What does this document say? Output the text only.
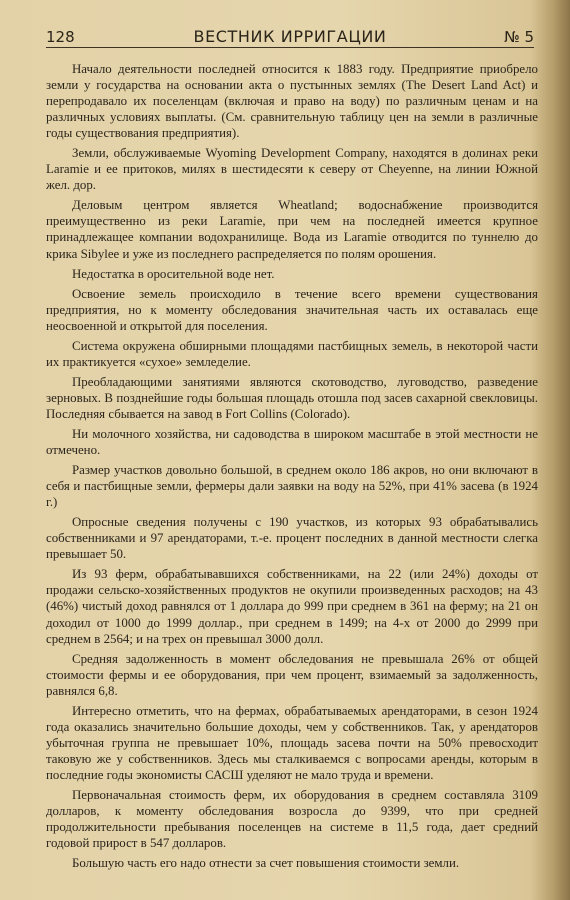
128	ВЕСТНИК ИРРИГАЦИИ	№ 5

Начало деятельности последней относится к 1883 году. Предприятие приобрело земли у государства на основании акта о пустынных землях (The Desert Land Act) и перепродавало их поселенцам (включая и право на воду) по различным ценам и на различных условиях выплаты. (См. сравнительную таблицу цен на земли в различные годы существования предприятия).

Земли, обслуживаемые Wyoming Development Company, находятся в долинах реки Laramie и ее притоков, милях в шестидесяти к северу от Cheyenne, на линии Южной жел. дор.

Деловым центром является Wheatland; водоснабжение производится преимущественно из реки Laramie, при чем на последней имеется крупное принадлежащее компании водохранилище. Вода из Laramie отводится по туннелю до крика Sibylee и уже из последнего распределяется по полям орошения.

Недостатка в оросительной воде нет.

Освоение земель происходило в течение всего времени существования предприятия, но к моменту обследования значительная часть их оставалась еще неосвоенной и открытой для поселения.

Система окружена обширными площадями пастбищных земель, в некоторой части их практикуется «сухое» земледелие.

Преобладающими занятиями являются скотоводство, луговодство, разведение зерновых. В позднейшие годы большая площадь отошла под засев сахарной свекловицы. Последняя сбывается на завод в Fort Collins (Colorado).

Ни молочного хозяйства, ни садоводства в широком масштабе в этой местности не отмечено.

Размер участков довольно большой, в среднем около 186 акров, но они включают в себя и пастбищные земли, фермеры дали заявки на воду на 52%, при 41% засева (в 1924 г.)

Опросные сведения получены с 190 участков, из которых 93 обрабатывались собственниками и 97 арендаторами, т.-е. процент последних в данной местности слегка превышает 50.

Из 93 ферм, обрабатывавшихся собственниками, на 22 (или 24%) доходы от продажи сельско-хозяйственных продуктов не окупили произведенных расходов; на 43 (46%) чистый доход равнялся от 1 доллара до 999 при среднем в 361 на ферму; на 21 он доходил от 1000 до 1999 доллар., при среднем в 1499; на 4-х от 2000 до 2999 при среднем в 2564; и на трех он превышал 3000 долл.

Средняя задолженность в момент обследования не превышала 26% от общей стоимости фермы и ее оборудования, при чем процент, взимаемый за задолженность, равнялся 6,8.

Интересно отметить, что на фермах, обрабатываемых арендаторами, в сезон 1924 года оказались значительно большие доходы, чем у собственников. Так, у арендаторов убыточная группа не превышает 10%, площадь засева почти на 50% превосходит таковую же у собственников. Здесь мы сталкиваемся с вопросами аренды, которым в последние годы экономисты САСШ уделяют не мало труда и времени.

Первоначальная стоимость ферм, их оборудования в среднем составляла 3109 долларов, к моменту обследования возросла до 9399, что при средней продолжительности пребывания поселенцев на системе в 11,5 года, дает средний годовой прирост в 547 долларов.

Большую часть его надо отнести за счет повышения стоимости земли.
